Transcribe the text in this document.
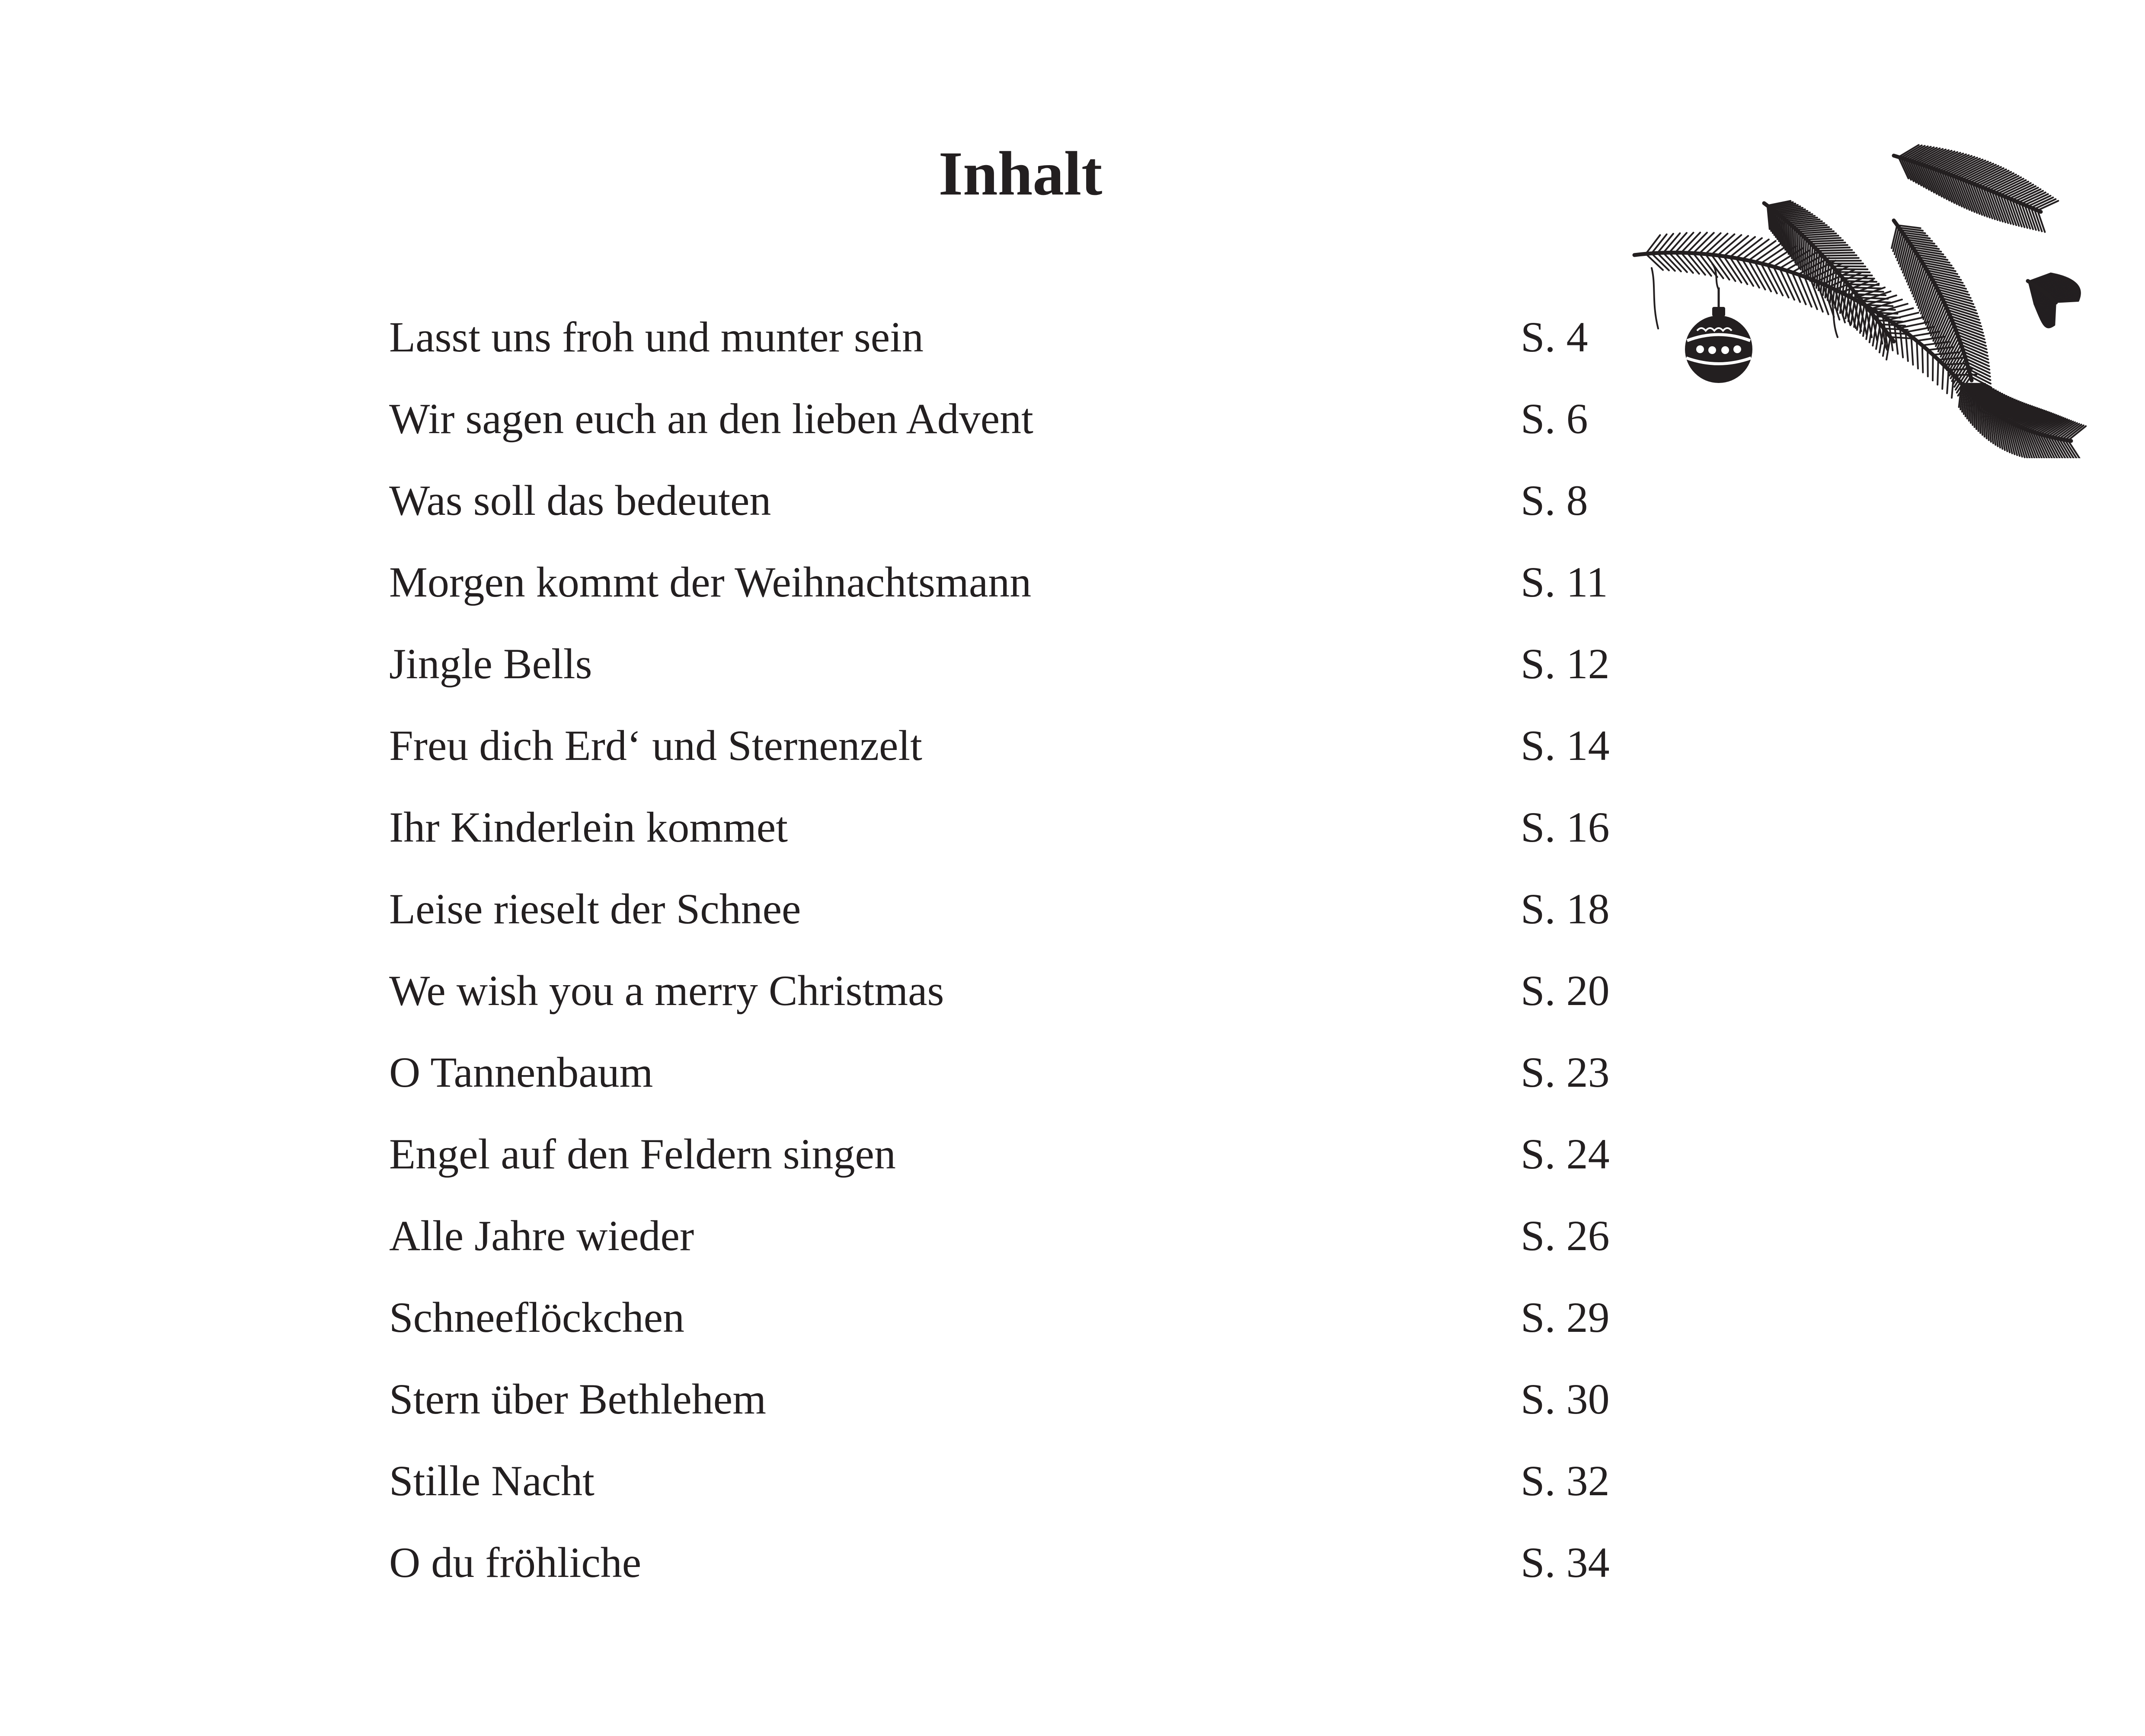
Inhalt
Lasst uns froh und munter sein	S. 4
Wir sagen euch an den lieben Advent	S. 6
Was soll das bedeuten	S. 8
Morgen kommt der Weihnachtsmann	S. 11
Jingle Bells	S. 12
Freu dich Erd‘ und Sternenzelt	S. 14
Ihr Kinderlein kommet	S. 16
Leise rieselt der Schnee	S. 18
We wish you a merry Christmas	S. 20
O Tannenbaum	S. 23
Engel auf den Feldern singen	S. 24
Alle Jahre wieder	S. 26
Schneeflöckchen	S. 29
Stern über Bethlehem	S. 30
Stille Nacht	S. 32
O du fröhliche	S. 34
